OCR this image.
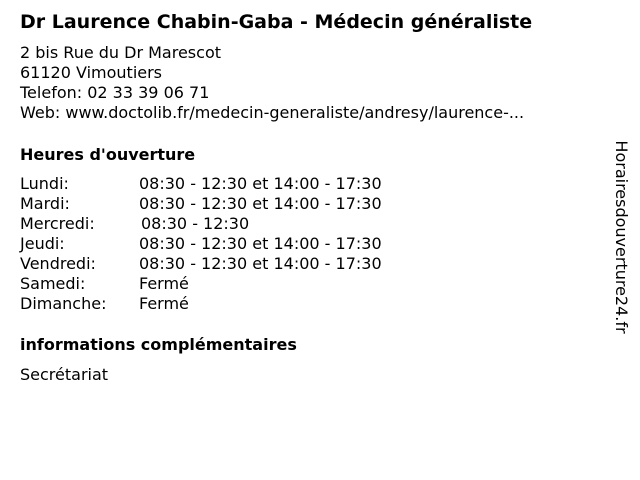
Dr Laurence Chabin-Gaba - Médecin généraliste
2 bis Rue du Dr Marescot
61120 Vimoutiers
Telefon: 02 33 39 06 71
Web: www.doctolib.fr/medecin-generaliste/andresy/laurence-...
Heures d'ouverture
Lundi:	08:30 - 12:30 et 14:00 - 17:30
Mardi:	08:30 - 12:30 et 14:00 - 17:30
Mercredi:	08:30 - 12:30
Jeudi:	08:30 - 12:30 et 14:00 - 17:30
Vendredi:	08:30 - 12:30 et 14:00 - 17:30
Samedi:	Fermé
Dimanche: Fermé
informations complémentaires
Secrétariat
Horairesdouverture24.fr
